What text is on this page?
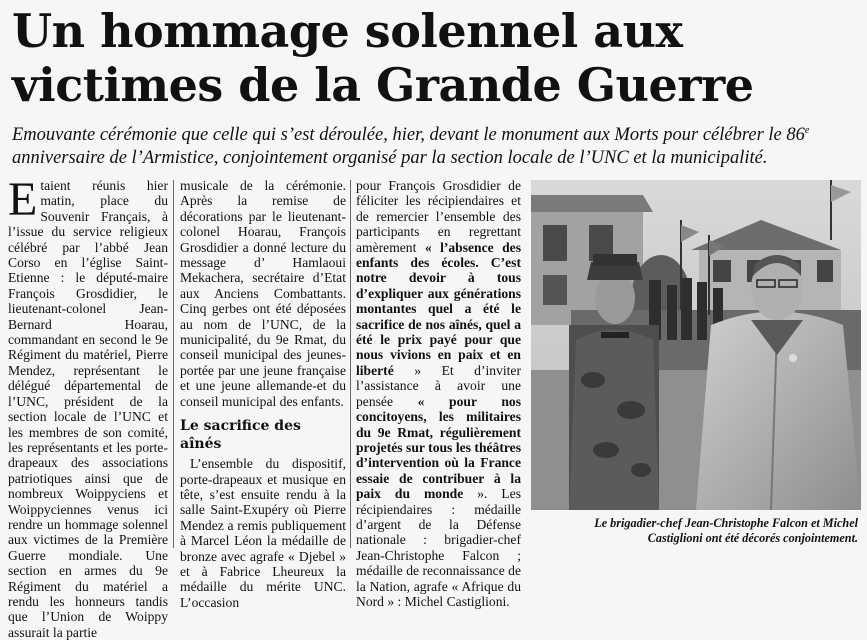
Un hommage solennel aux victimes de la Grande Guerre

Emouvante cérémonie que celle qui s’est déroulée, hier, devant le monument aux Morts pour célébrer le 86e anniversaire de l’Armistice, conjointement organisé par la section locale de l’UNC et la municipalité.

Etaient réunis hier matin, place du Souvenir Français, à l’issue du service religieux célébré par l’abbé Jean Corso en l’église Saint-Etienne : le député-maire François Grosdidier, le lieutenant-colonel Jean-Bernard Hoarau, commandant en second le 9e Régiment du matériel, Pierre Mendez, représentant le délégué départemental de l’UNC, président de la section locale de l’UNC et les membres de son comité, les représentants et les porte-drapeaux des associations patriotiques ainsi que de nombreux Woippyciens et Woippyciennes venus ici rendre un hommage solennel aux victimes de la Première Guerre mondiale. Une section en armes du 9e Régiment du matériel a rendu les honneurs tandis que l’Union de Woippy assurait la partie

musicale de la cérémonie. Après la remise de décorations par le lieutenant-colonel Hoarau, François Grosdidier a donné lecture du message d’ Hamlaoui Mekachera, secrétaire d’Etat aux Anciens Combattants. Cinq gerbes ont été déposées au nom de l’UNC, de la municipalité, du 9e Rmat, du conseil municipal des jeunes-portée par une jeune française et une jeune allemande-et du conseil municipal des enfants.

Le sacrifice des aînés

L’ensemble du dispositif, porte-drapeaux et musique en tête, s’est ensuite rendu à la salle Saint-Exupéry où Pierre Mendez a remis publiquement à Marcel Léon la médaille de bronze avec agrafe « Djebel » et à Fabrice Lheureux la médaille du mérite UNC. L’occasion

pour François Grosdidier de féliciter les récipiendaires et de remercier l’ensemble des participants en regrettant amèrement « l’absence des enfants des écoles. C’est notre devoir à tous d’expliquer aux générations montantes quel a été le sacrifice de nos aînés, quel a été le prix payé pour que nous vivions en paix et en liberté » Et d’inviter l’assistance à avoir une pensée « pour nos concitoyens, les militaires du 9e Rmat, régulièrement projetés sur tous les théâtres d’intervention où la France essaie de contribuer à la paix du monde ». Les récipiendaires : médaille d’argent de la Défense nationale : brigadier-chef Jean-Christophe Falcon ; médaille de reconnaissance de la Nation, agrafe « Afrique du Nord » : Michel Castiglioni.

Le brigadier-chef Jean-Christophe Falcon et Michel Castiglioni ont été décorés conjointement.
